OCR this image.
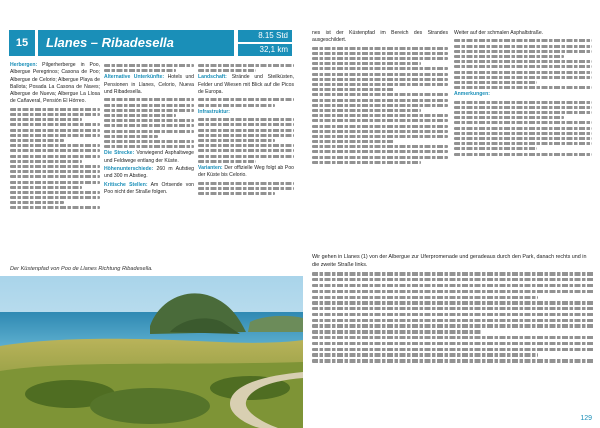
15	Llanes – Ribadesella	8.15 Std
32,1 km

Herbergen: Pilgerherberge in Poo, Albergue Peregrinos; Casona de Poo; Albergue de Celorio; Albergue Playa de Ballota; Posada La Casona de Naves; Albergue de Nueva; Albergue La Llosa de Cañaveral, Pensión El Hórreo.

Alternative Unterkünfte: Hotels und Pensionen in Llanes, Celorio, Nueva und Ribadesella.

Die Strecke: Vorwiegend Asphaltwege und Feldwege entlang der Küste.

Höhenunterschiede: 260 m Aufstieg und 300 m Abstieg.

Kritische Stellen: Am Ortsende von Poo nicht der Straße folgen.

Landschaft: Strände und Steilküsten, Felder und Wiesen mit Blick auf die Picos de Europa.

Infrastruktur:

Varianten: Der offizielle Weg folgt ab Poo der Küste bis Celorio.

nes ist der Küstenpfad im Bereich des Strandes ausgeschildert.

Weiter auf der schmalen Asphaltstraße.

Anmerkungen:

Der Küstenpfad von Poo de Llanes Richtung Ribadesella.

Wir gehen in Llanes (1) von der Albergue zur Uferpromenade und geradeaus durch den Park, danach rechts und in die zweite Straße links.

129
